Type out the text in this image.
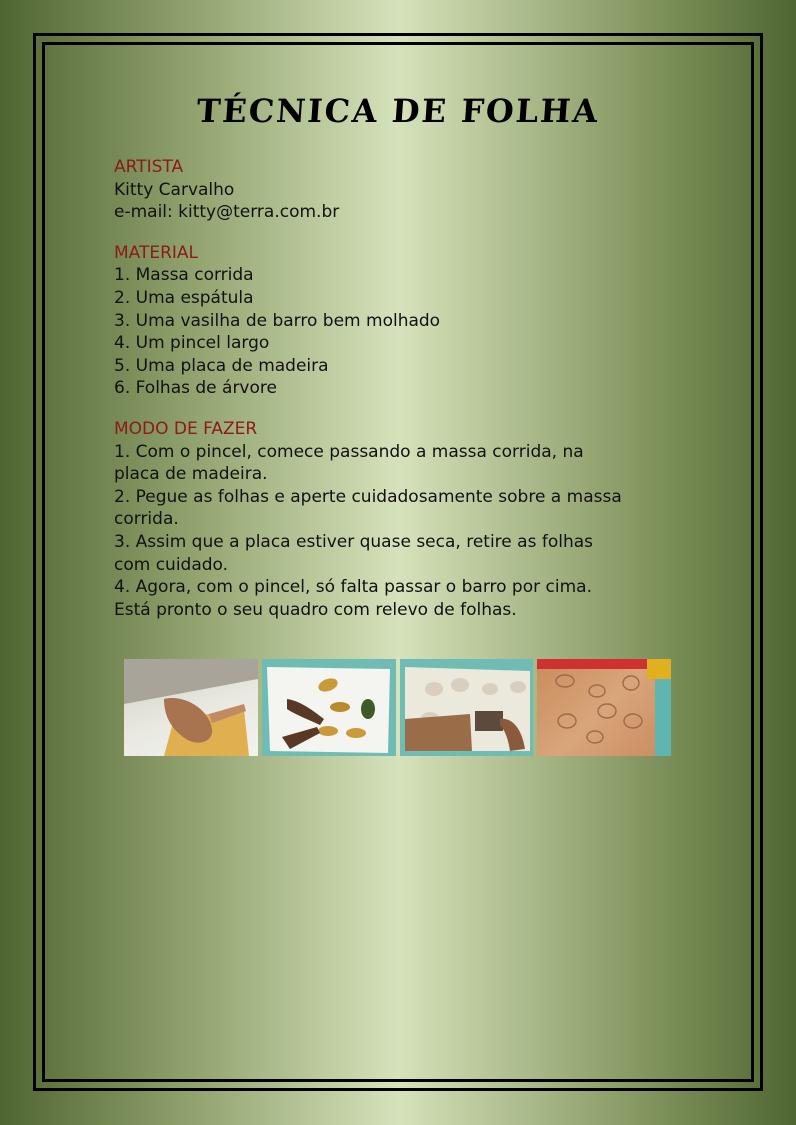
TÉCNICA DE FOLHA
ARTISTA
Kitty Carvalho
e-mail: kitty@terra.com.br
MATERIAL
1. Massa corrida
2. Uma espátula
3. Uma vasilha de barro bem molhado
4. Um pincel largo
5. Uma placa de madeira
6. Folhas de árvore
MODO DE FAZER
1. Com o pincel, comece passando a massa corrida, na
placa de madeira.
2. Pegue as folhas e aperte cuidadosamente sobre a massa
corrida.
3. Assim que a placa estiver quase seca, retire as folhas
com cuidado.
4. Agora, com o pincel, só falta passar o barro por cima.
Está pronto o seu quadro com relevo de folhas.
